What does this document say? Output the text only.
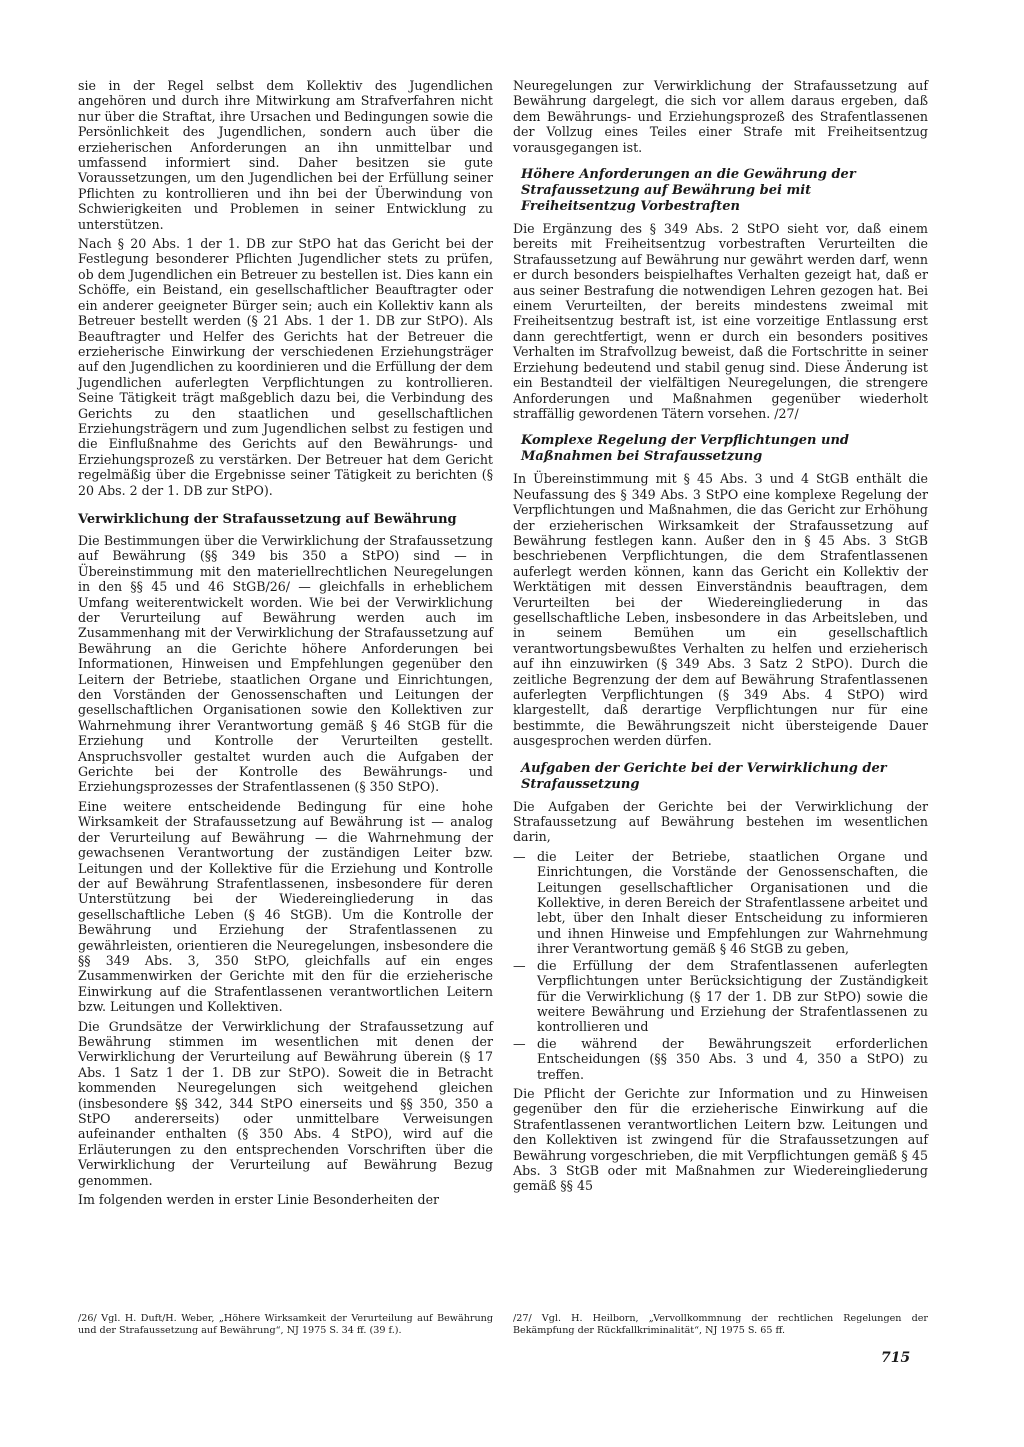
sie in der Regel selbst dem Kollektiv des Jugendlichen angehören und durch ihre Mitwirkung am Strafverfahren nicht nur über die Straftat, ihre Ursachen und Bedingungen sowie die Persönlichkeit des Jugendlichen, sondern auch über die erzieherischen Anforderungen an ihn unmittelbar und umfassend informiert sind. Daher besitzen sie gute Voraussetzungen, um den Jugendlichen bei der Erfüllung seiner Pflichten zu kontrollieren und ihn bei der Überwindung von Schwierigkeiten und Problemen in seiner Entwicklung zu unterstützen.

Nach § 20 Abs. 1 der 1. DB zur StPO hat das Gericht bei der Festlegung besonderer Pflichten Jugendlicher stets zu prüfen, ob dem Jugendlichen ein Betreuer zu bestellen ist. Dies kann ein Schöffe, ein Beistand, ein gesellschaftlicher Beauftragter oder ein anderer geeigneter Bürger sein; auch ein Kollektiv kann als Betreuer bestellt werden (§ 21 Abs. 1 der 1. DB zur StPO). Als Beauftragter und Helfer des Gerichts hat der Betreuer die erzieherische Einwirkung der verschiedenen Erziehungsträger auf den Jugendlichen zu koordinieren und die Erfüllung der dem Jugendlichen auferlegten Verpflichtungen zu kontrollieren. Seine Tätigkeit trägt maßgeblich dazu bei, die Verbindung des Gerichts zu den staatlichen und gesellschaftlichen Erziehungsträgern und zum Jugendlichen selbst zu festigen und die Einflußnahme des Gerichts auf den Bewährungs- und Erziehungsprozeß zu verstärken. Der Betreuer hat dem Gericht regelmäßig über die Ergebnisse seiner Tätigkeit zu berichten (§ 20 Abs. 2 der 1. DB zur StPO).

Verwirklichung der Strafaussetzung auf Bewährung

Die Bestimmungen über die Verwirklichung der Strafaussetzung auf Bewährung (§§ 349 bis 350 a StPO) sind — in Übereinstimmung mit den materiellrechtlichen Neuregelungen in den §§ 45 und 46 StGB/26/ — gleichfalls in erheblichem Umfang weiterentwickelt worden. Wie bei der Verwirklichung der Verurteilung auf Bewährung werden auch im Zusammenhang mit der Verwirklichung der Strafaussetzung auf Bewährung an die Gerichte höhere Anforderungen bei Informationen, Hinweisen und Empfehlungen gegenüber den Leitern der Betriebe, staatlichen Organe und Einrichtungen, den Vorständen der Genossenschaften und Leitungen der gesellschaftlichen Organisationen sowie den Kollektiven zur Wahrnehmung ihrer Verantwortung gemäß § 46 StGB für die Erziehung und Kontrolle der Verurteilten gestellt. Anspruchsvoller gestaltet wurden auch die Aufgaben der Gerichte bei der Kontrolle des Bewährungs- und Erziehungsprozesses der Strafentlassenen (§ 350 StPO).

Eine weitere entscheidende Bedingung für eine hohe Wirksamkeit der Strafaussetzung auf Bewährung ist — analog der Verurteilung auf Bewährung — die Wahrnehmung der gewachsenen Verantwortung der zuständigen Leiter bzw. Leitungen und der Kollektive für die Erziehung und Kontrolle der auf Bewährung Strafentlassenen, insbesondere für deren Unterstützung bei der Wiedereingliederung in das gesellschaftliche Leben (§ 46 StGB). Um die Kontrolle der Bewährung und Erziehung der Strafentlassenen zu gewährleisten, orientieren die Neuregelungen, insbesondere die §§ 349 Abs. 3, 350 StPO, gleichfalls auf ein enges Zusammenwirken der Gerichte mit den für die erzieherische Einwirkung auf die Strafentlassenen verantwortlichen Leitern bzw. Leitungen und Kollektiven.

Die Grundsätze der Verwirklichung der Strafaussetzung auf Bewährung stimmen im wesentlichen mit denen der Verwirklichung der Verurteilung auf Bewährung überein (§ 17 Abs. 1 Satz 1 der 1. DB zur StPO). Soweit die in Betracht kommenden Neuregelungen sich weitgehend gleichen (insbesondere §§ 342, 344 StPO einerseits und §§ 350, 350 a StPO andererseits) oder unmittelbare Verweisungen aufeinander enthalten (§ 350 Abs. 4 StPO), wird auf die Erläuterungen zu den entsprechenden Vorschriften über die Verwirklichung der Verurteilung auf Bewährung Bezug genommen.

Im folgenden werden in erster Linie Besonderheiten der

Neuregelungen zur Verwirklichung der Strafaussetzung auf Bewährung dargelegt, die sich vor allem daraus ergeben, daß dem Bewährungs- und Erziehungsprozeß des Strafentlassenen der Vollzug eines Teiles einer Strafe mit Freiheitsentzug vorausgegangen ist.

Höhere Anforderungen an die Gewährung der Strafaussetzung auf Bewährung bei mit Freiheitsentzug Vorbestraften

Die Ergänzung des § 349 Abs. 2 StPO sieht vor, daß einem bereits mit Freiheitsentzug vorbestraften Verurteilten die Strafaussetzung auf Bewährung nur gewährt werden darf, wenn er durch besonders beispielhaftes Verhalten gezeigt hat, daß er aus seiner Bestrafung die notwendigen Lehren gezogen hat. Bei einem Verurteilten, der bereits mindestens zweimal mit Freiheitsentzug bestraft ist, ist eine vorzeitige Entlassung erst dann gerechtfertigt, wenn er durch ein besonders positives Verhalten im Strafvollzug beweist, daß die Fortschritte in seiner Erziehung bedeutend und stabil genug sind. Diese Änderung ist ein Bestandteil der vielfältigen Neuregelungen, die strengere Anforderungen und Maßnahmen gegenüber wiederholt straffällig gewordenen Tätern vorsehen. /27/

Komplexe Regelung der Verpflichtungen und Maßnahmen bei Strafaussetzung

In Übereinstimmung mit § 45 Abs. 3 und 4 StGB enthält die Neufassung des § 349 Abs. 3 StPO eine komplexe Regelung der Verpflichtungen und Maßnahmen, die das Gericht zur Erhöhung der erzieherischen Wirksamkeit der Strafaussetzung auf Bewährung festlegen kann. Außer den in § 45 Abs. 3 StGB beschriebenen Verpflichtungen, die dem Strafentlassenen auferlegt werden können, kann das Gericht ein Kollektiv der Werktätigen mit dessen Einverständnis beauftragen, dem Verurteilten bei der Wiedereingliederung in das gesellschaftliche Leben, insbesondere in das Arbeitsleben, und in seinem Bemühen um ein gesellschaftlich verantwortungsbewußtes Verhalten zu helfen und erzieherisch auf ihn einzuwirken (§ 349 Abs. 3 Satz 2 StPO). Durch die zeitliche Begrenzung der dem auf Bewährung Strafentlassenen auferlegten Verpflichtungen (§ 349 Abs. 4 StPO) wird klargestellt, daß derartige Verpflichtungen nur für eine bestimmte, die Bewährungszeit nicht übersteigende Dauer ausgesprochen werden dürfen.

Aufgaben der Gerichte bei der Verwirklichung der Strafaussetzung

Die Aufgaben der Gerichte bei der Verwirklichung der Strafaussetzung auf Bewährung bestehen im wesentlichen darin,

— die Leiter der Betriebe, staatlichen Organe und Einrichtungen, die Vorstände der Genossenschaften, die Leitungen gesellschaftlicher Organisationen und die Kollektive, in deren Bereich der Strafentlassene arbeitet und lebt, über den Inhalt dieser Entscheidung zu informieren und ihnen Hinweise und Empfehlungen zur Wahrnehmung ihrer Verantwortung gemäß § 46 StGB zu geben,
— die Erfüllung der dem Strafentlassenen auferlegten Verpflichtungen unter Berücksichtigung der Zuständigkeit für die Verwirklichung (§ 17 der 1. DB zur StPO) sowie die weitere Bewährung und Erziehung der Strafentlassenen zu kontrollieren und
— die während der Bewährungszeit erforderlichen Entscheidungen (§§ 350 Abs. 3 und 4, 350 a StPO) zu treffen.

Die Pflicht der Gerichte zur Information und zu Hinweisen gegenüber den für die erzieherische Einwirkung auf die Strafentlassenen verantwortlichen Leitern bzw. Leitungen und den Kollektiven ist zwingend für die Strafaussetzungen auf Bewährung vorgeschrieben, die mit Verpflichtungen gemäß § 45 Abs. 3 StGB oder mit Maßnahmen zur Wiedereingliederung gemäß §§ 45

/26/ Vgl. H. Duft/H. Weber, „Höhere Wirksamkeit der Verurteilung auf Bewährung und der Strafaussetzung auf Bewährung“, NJ 1975 S. 34 ff. (39 f.).
/27/ Vgl. H. Heilborn, „Vervollkommnung der rechtlichen Regelungen der Bekämpfung der Rückfallkriminalität“, NJ 1975 S. 65 ff.
715
